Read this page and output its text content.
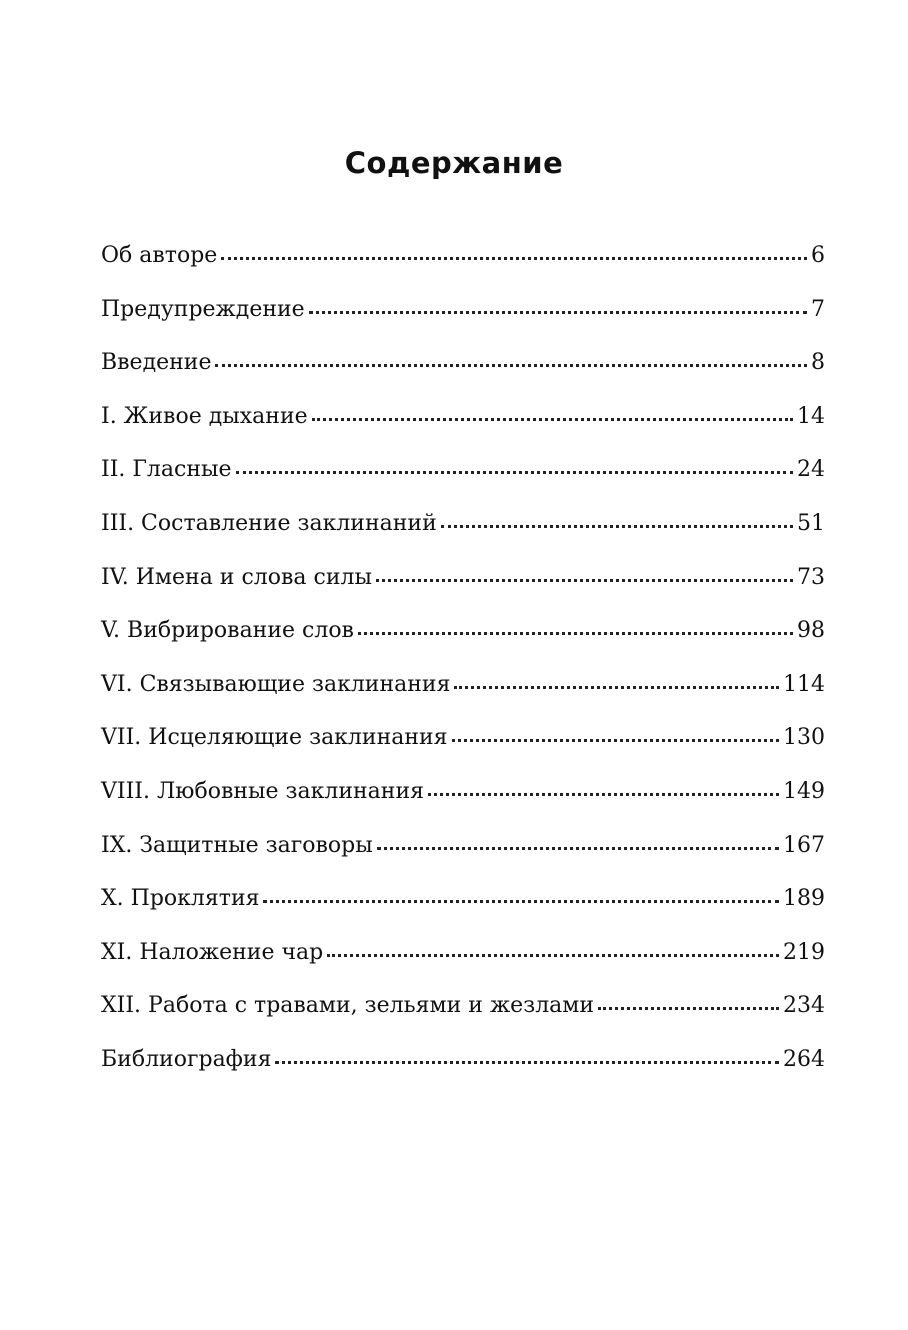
Содержание
Об авторе	6
Предупреждение	7
Введение	8
I. Живое дыхание	14
II. Гласные	24
III. Составление заклинаний	51
IV. Имена и слова силы	73
V. Вибрирование слов	98
VI. Связывающие заклинания	114
VII. Исцеляющие заклинания	130
VIII. Любовные заклинания	149
IX. Защитные заговоры	167
X. Проклятия	189
XI. Наложение чар	219
XII. Работа с травами, зельями и жезлами	234
Библиография	264
